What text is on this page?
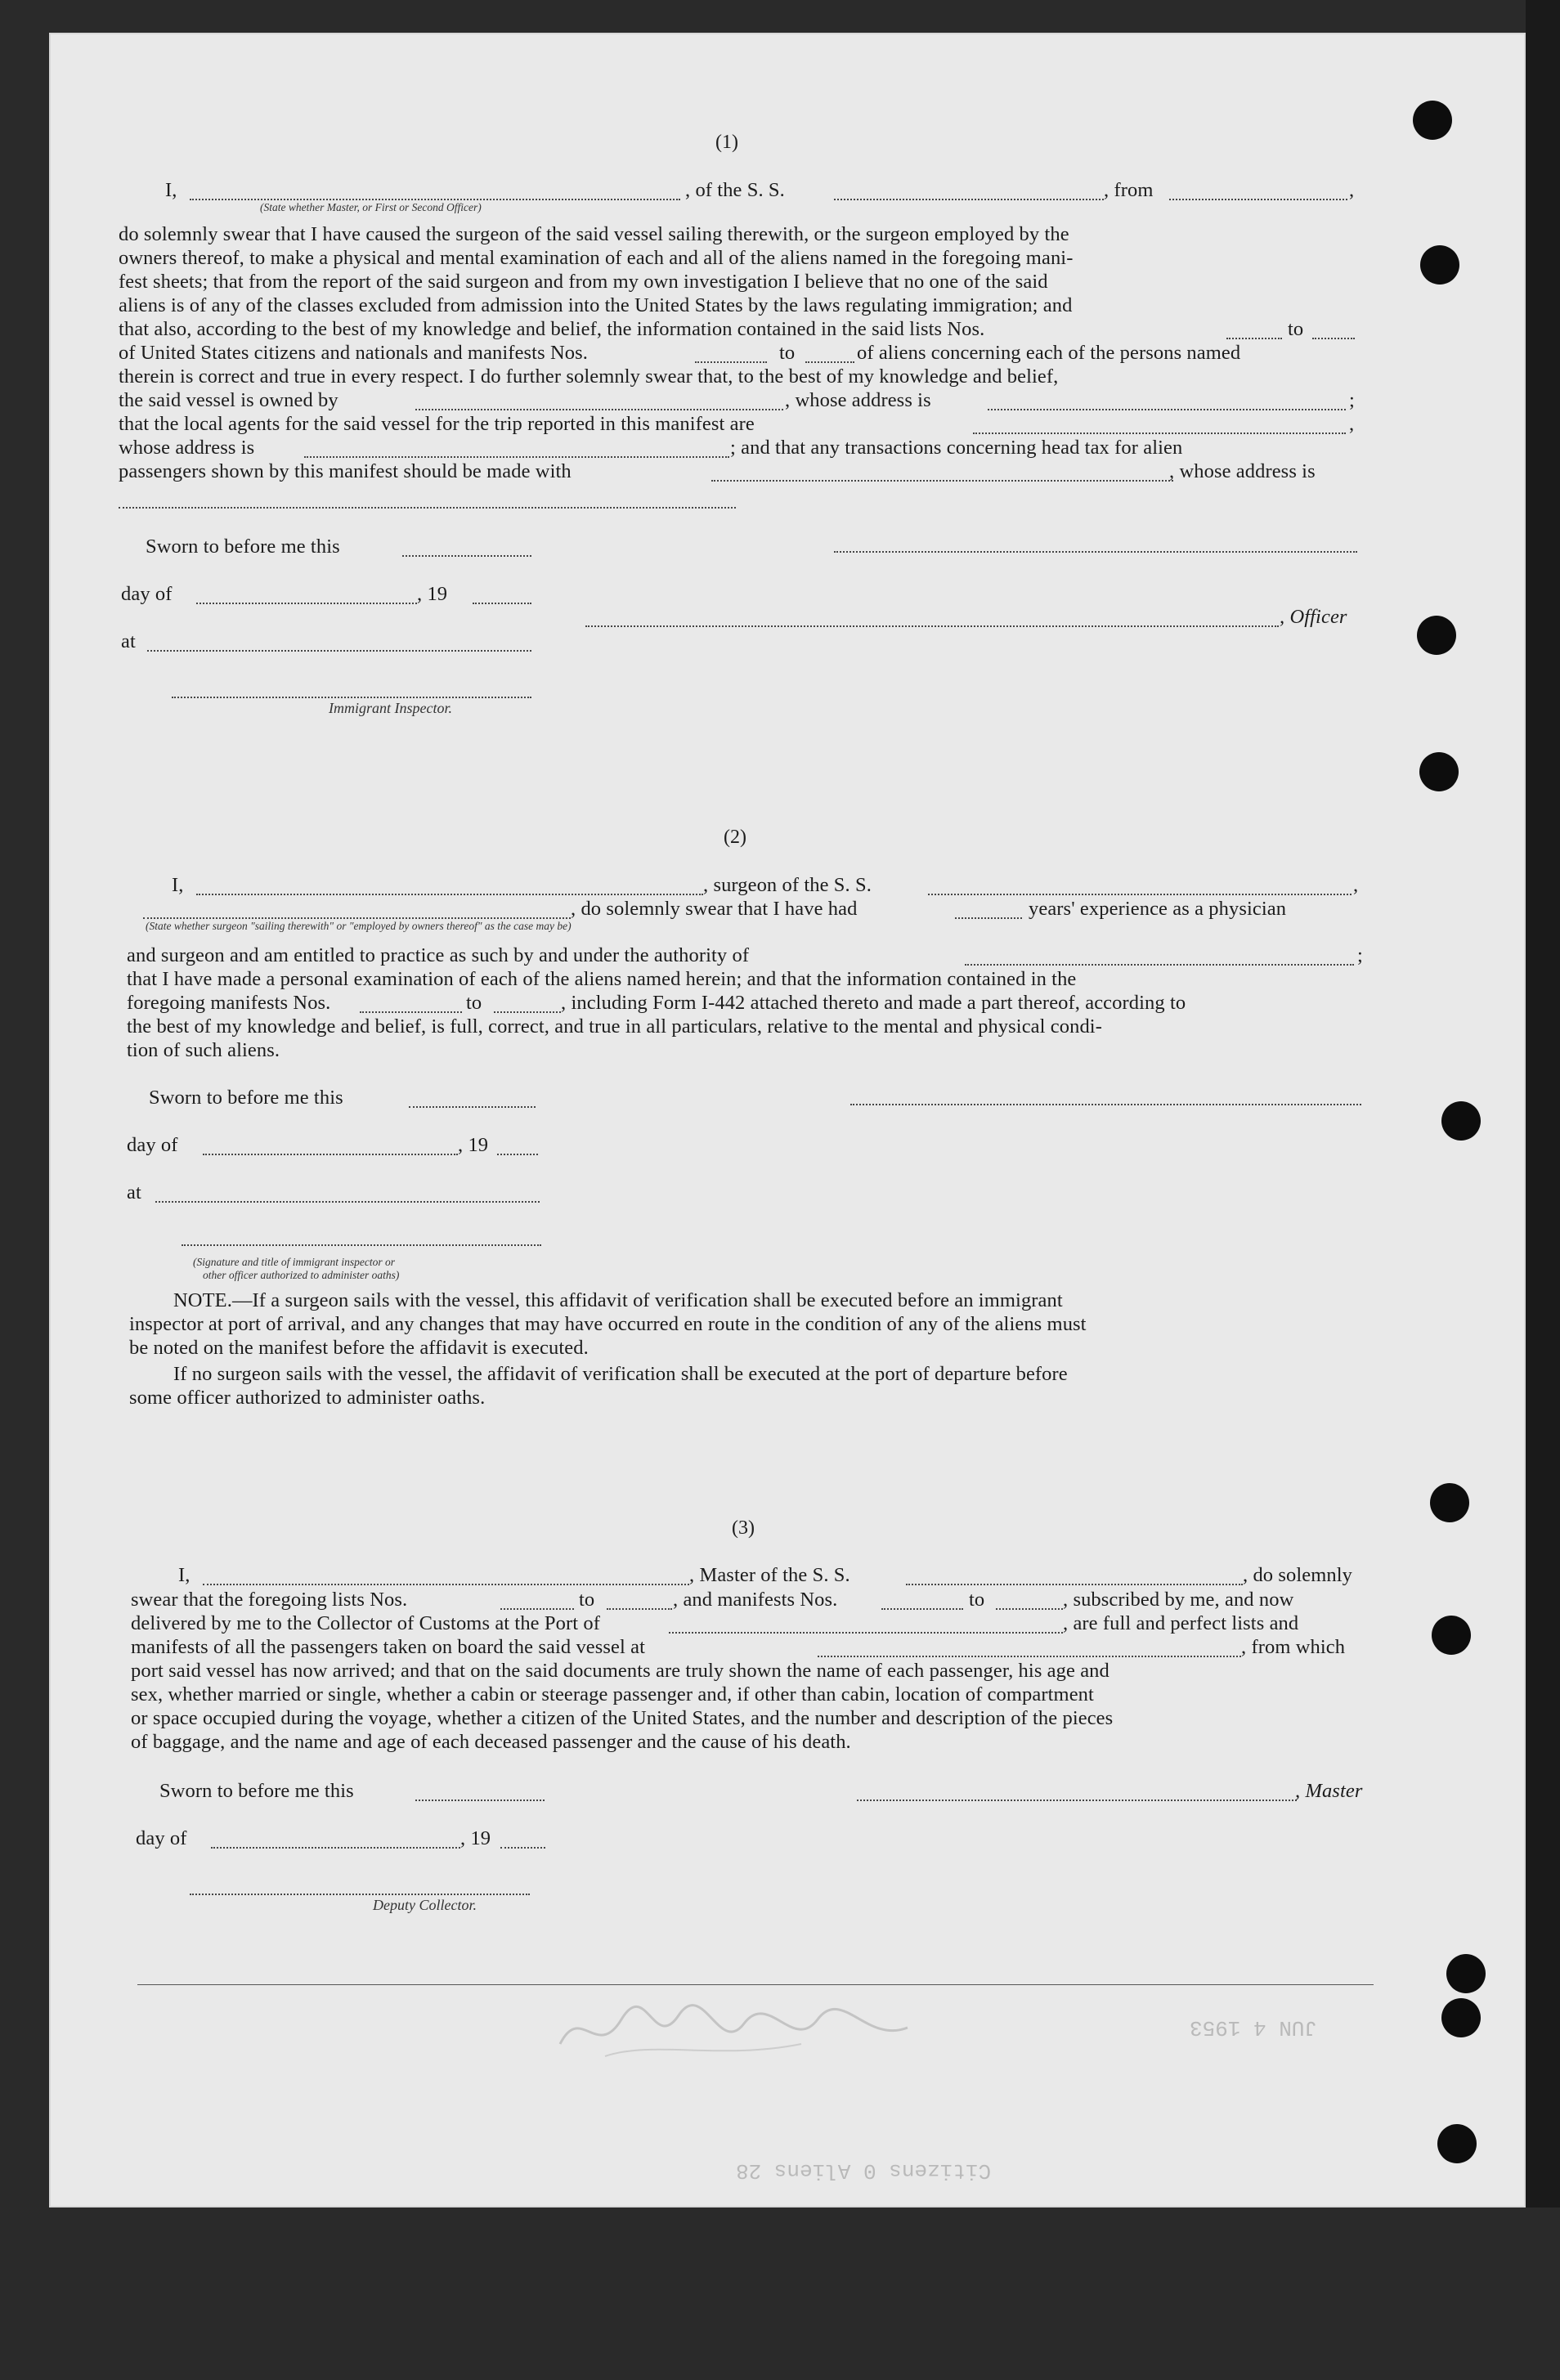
JUN 4 1953
Citizens 0 Aliens 28
(1)
I,	, of the S. S.	, from	,
(State whether Master, or First or Second Officer)
do solemnly swear that I have caused the surgeon of the said vessel sailing therewith, or the surgeon employed by the
owners thereof, to make a physical and mental examination of each and all of the aliens named in the foregoing mani-
fest sheets; that from the report of the said surgeon and from my own investigation I believe that no one of the said
aliens is of any of the classes excluded from admission into the United States by the laws regulating immigration; and
that also, according to the best of my knowledge and belief, the information contained in the said lists Nos.	to
of United States citizens and nationals and manifests Nos.	to	of aliens concerning each of the persons named
therein is correct and true in every respect. I do further solemnly swear that, to the best of my knowledge and belief,
the said vessel is owned by	, whose address is	;
that the local agents for the said vessel for the trip reported in this manifest are	,
whose address is	; and that any transactions concerning head tax for alien
passengers shown by this manifest should be made with	, whose address is
Sworn to before me this
day of	, 19
, Officer
at
Immigrant Inspector.
(2)
I,	, surgeon of the S. S.	,
, do solemnly swear that I have had	years' experience as a physician
(State whether surgeon "sailing therewith" or "employed by owners thereof" as the case may be)
and surgeon and am entitled to practice as such by and under the authority of	;
that I have made a personal examination of each of the aliens named herein; and that the information contained in the
foregoing manifests Nos.	to	, including Form I-442 attached thereto and made a part thereof, according to
the best of my knowledge and belief, is full, correct, and true in all particulars, relative to the mental and physical condi-
tion of such aliens.
Sworn to before me this
day of	, 19
at
(Signature and title of immigrant inspector or
other officer authorized to administer oaths)
NOTE.—If a surgeon sails with the vessel, this affidavit of verification shall be executed before an immigrant
inspector at port of arrival, and any changes that may have occurred en route in the condition of any of the aliens must
be noted on the manifest before the affidavit is executed.
If no surgeon sails with the vessel, the affidavit of verification shall be executed at the port of departure before
some officer authorized to administer oaths.
(3)
I,	, Master of the S. S.	, do solemnly
swear that the foregoing lists Nos.	to	, and manifests Nos.	to	, subscribed by me, and now
delivered by me to the Collector of Customs at the Port of	, are full and perfect lists and
manifests of all the passengers taken on board the said vessel at	, from which
port said vessel has now arrived; and that on the said documents are truly shown the name of each passenger, his age and
sex, whether married or single, whether a cabin or steerage passenger and, if other than cabin, location of compartment
or space occupied during the voyage, whether a citizen of the United States, and the number and description of the pieces
of baggage, and the name and age of each deceased passenger and the cause of his death.
Sworn to before me this	, Master
day of	, 19
Deputy Collector.
